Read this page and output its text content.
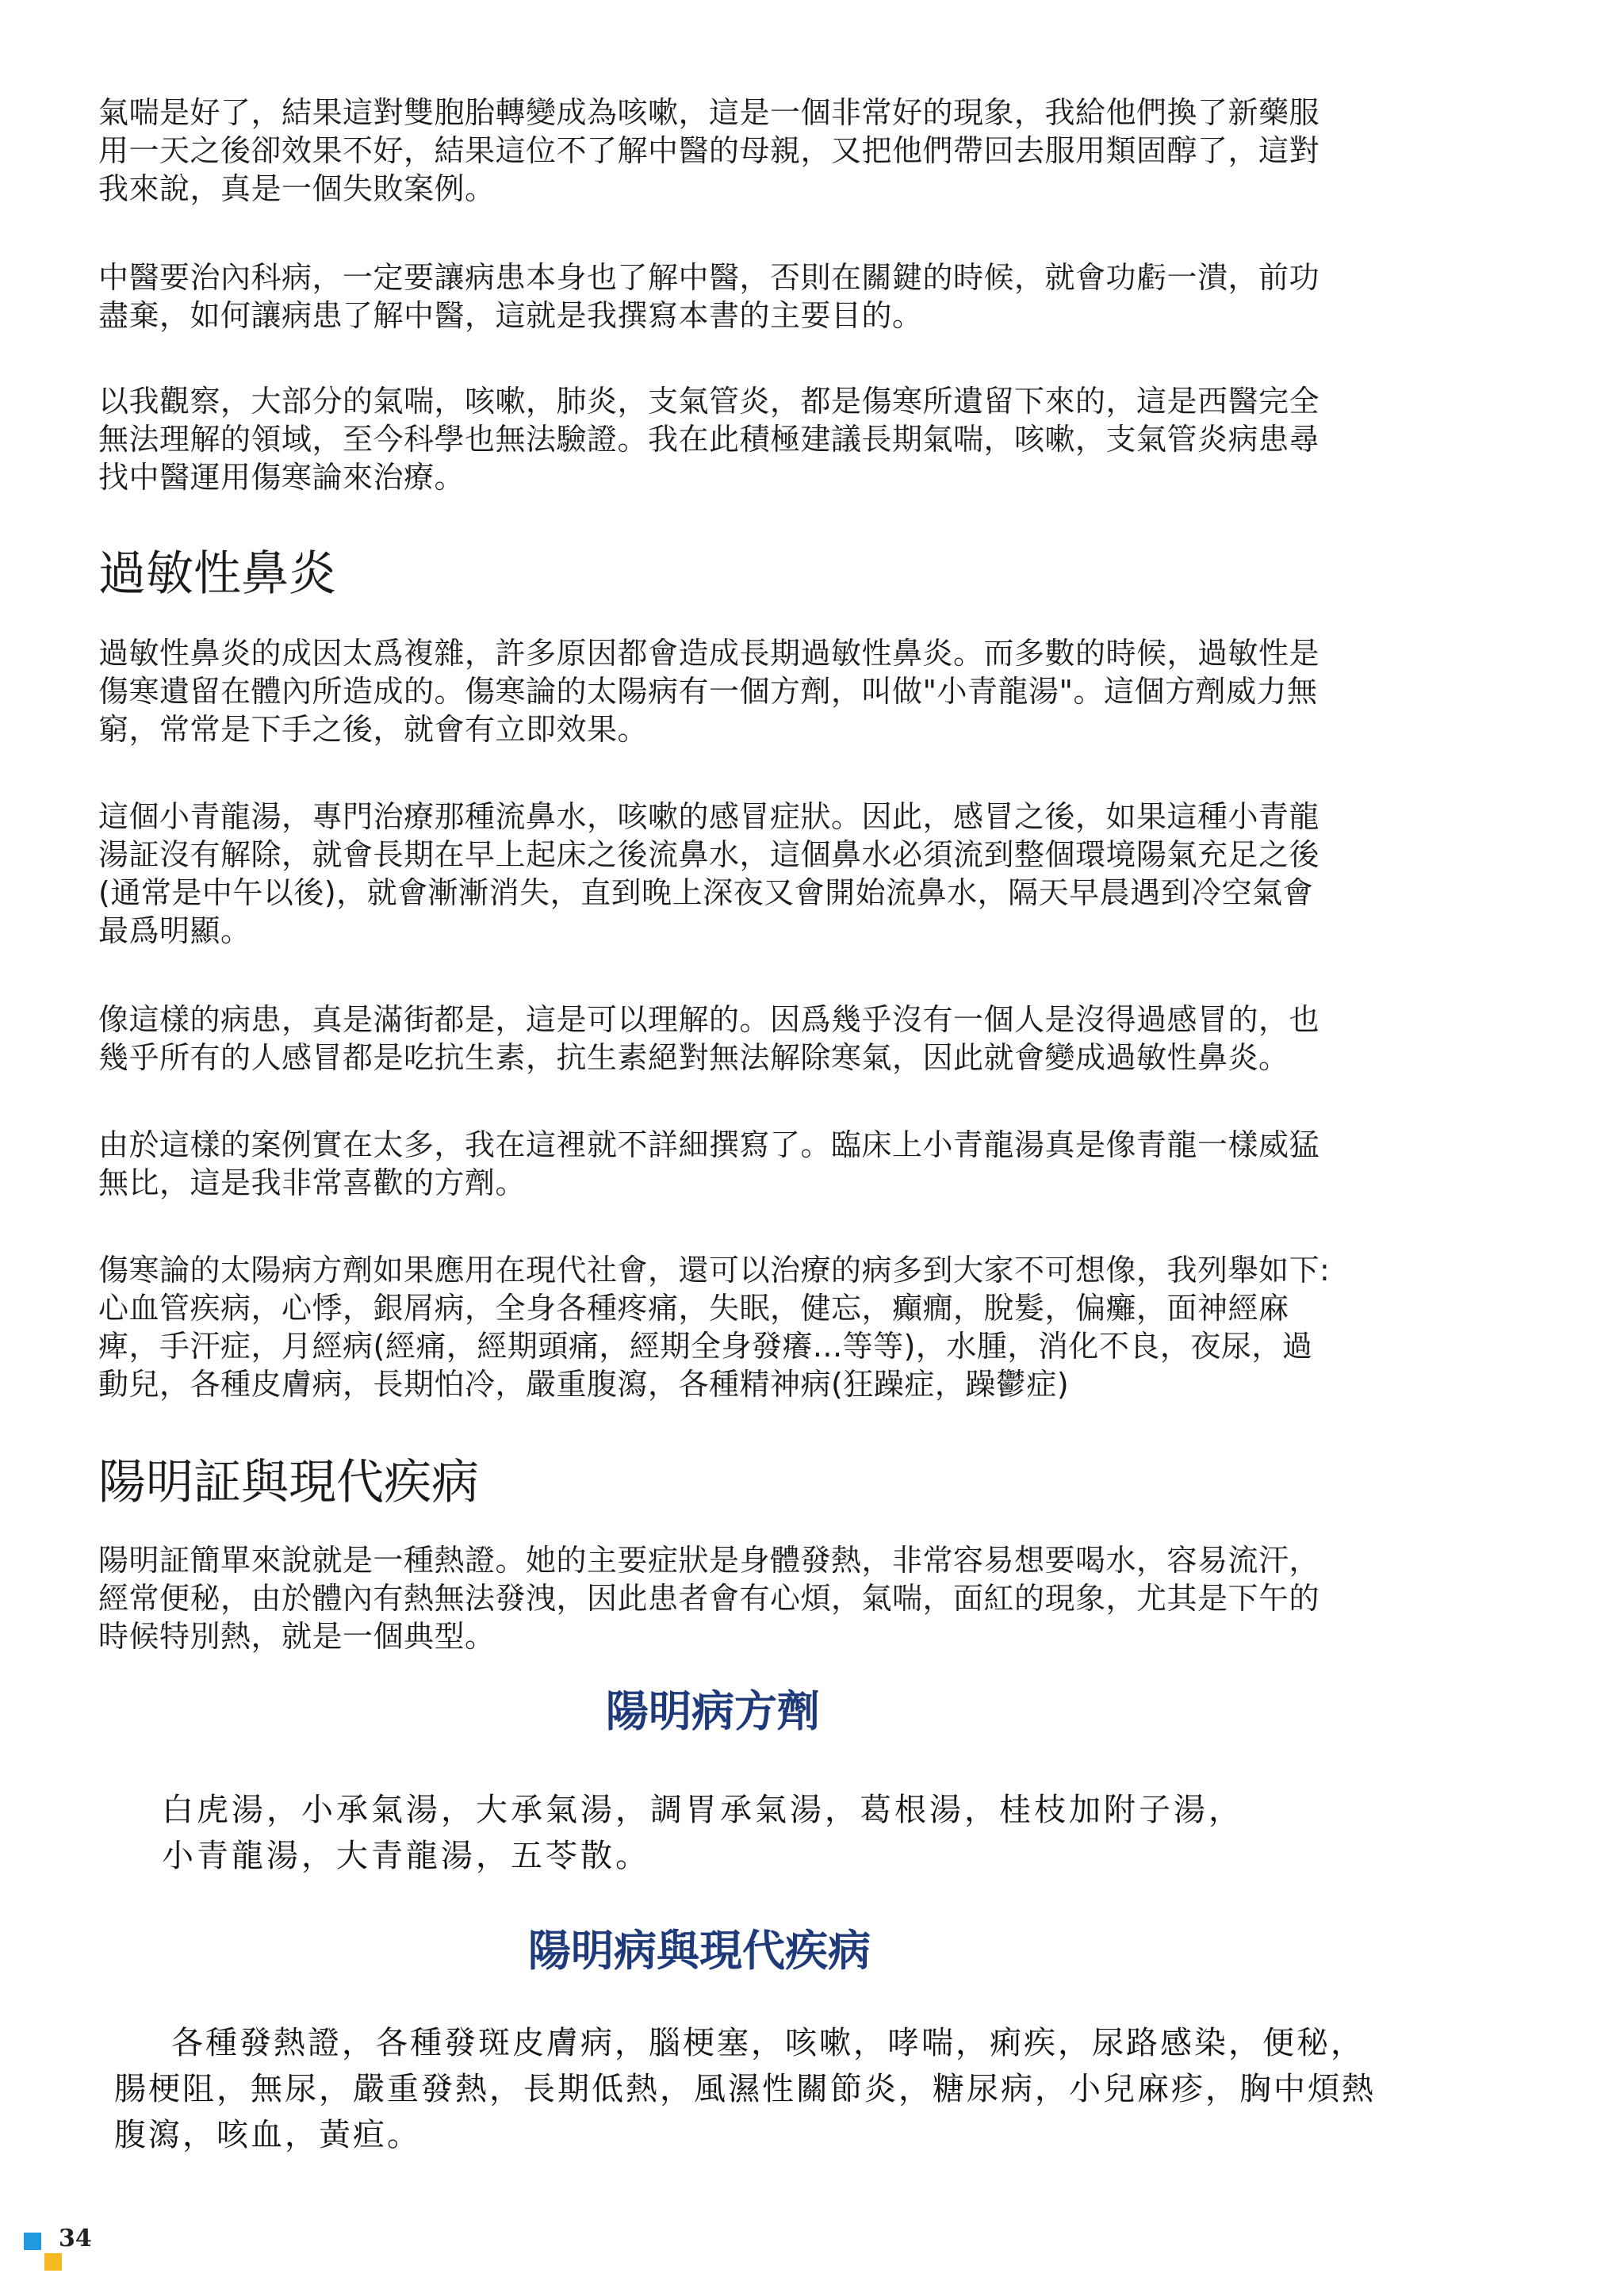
氣喘是好了，結果這對雙胞胎轉變成為咳嗽，這是一個非常好的現象，我給他們換了新藥服
用一天之後卻效果不好，結果這位不了解中醫的母親，又把他們帶回去服用類固醇了，這對
我來說，真是一個失敗案例。

中醫要治內科病，一定要讓病患本身也了解中醫，否則在關鍵的時候，就會功虧一潰，前功
盡棄，如何讓病患了解中醫，這就是我撰寫本書的主要目的。

以我觀察，大部分的氣喘，咳嗽，肺炎，支氣管炎，都是傷寒所遺留下來的，這是西醫完全
無法理解的領域，至今科學也無法驗證。我在此積極建議長期氣喘，咳嗽，支氣管炎病患尋
找中醫運用傷寒論來治療。

過敏性鼻炎

過敏性鼻炎的成因太爲複雜，許多原因都會造成長期過敏性鼻炎。而多數的時候，過敏性是
傷寒遺留在體內所造成的。傷寒論的太陽病有一個方劑，叫做"小青龍湯"。這個方劑威力無
窮，常常是下手之後，就會有立即效果。

這個小青龍湯，專門治療那種流鼻水，咳嗽的感冒症狀。因此，感冒之後，如果這種小青龍
湯証沒有解除，就會長期在早上起床之後流鼻水，這個鼻水必須流到整個環境陽氣充足之後
(通常是中午以後)，就會漸漸消失，直到晚上深夜又會開始流鼻水，隔天早晨遇到冷空氣會
最爲明顯。

像這樣的病患，真是滿街都是，這是可以理解的。因爲幾乎沒有一個人是沒得過感冒的，也
幾乎所有的人感冒都是吃抗生素，抗生素絕對無法解除寒氣，因此就會變成過敏性鼻炎。

由於這樣的案例實在太多，我在這裡就不詳細撰寫了。臨床上小青龍湯真是像青龍一樣威猛
無比，這是我非常喜歡的方劑。

傷寒論的太陽病方劑如果應用在現代社會，還可以治療的病多到大家不可想像，我列舉如下:
心血管疾病，心悸，銀屑病，全身各種疼痛，失眠，健忘，癲癇，脫髮，偏癱，面神經麻
痺，手汗症，月經病(經痛，經期頭痛，經期全身發癢...等等)，水腫，消化不良，夜尿，過
動兒，各種皮膚病，長期怕冷，嚴重腹瀉，各種精神病(狂躁症，躁鬱症)

陽明証與現代疾病

陽明証簡單來說就是一種熱證。她的主要症狀是身體發熱，非常容易想要喝水，容易流汗，
經常便秘，由於體內有熱無法發洩，因此患者會有心煩，氣喘，面紅的現象，尤其是下午的
時候特別熱，就是一個典型。

陽明病方劑

白虎湯，小承氣湯，大承氣湯，調胃承氣湯，葛根湯，桂枝加附子湯，
小青龍湯，大青龍湯，五苓散。

陽明病與現代疾病

各種發熱證，各種發斑皮膚病，腦梗塞，咳嗽，哮喘，痢疾，尿路感染，便秘，
腸梗阻，無尿，嚴重發熱，長期低熱，風濕性關節炎，糖尿病，小兒麻疹，胸中煩熱
腹瀉，咳血，黃疸。

34
